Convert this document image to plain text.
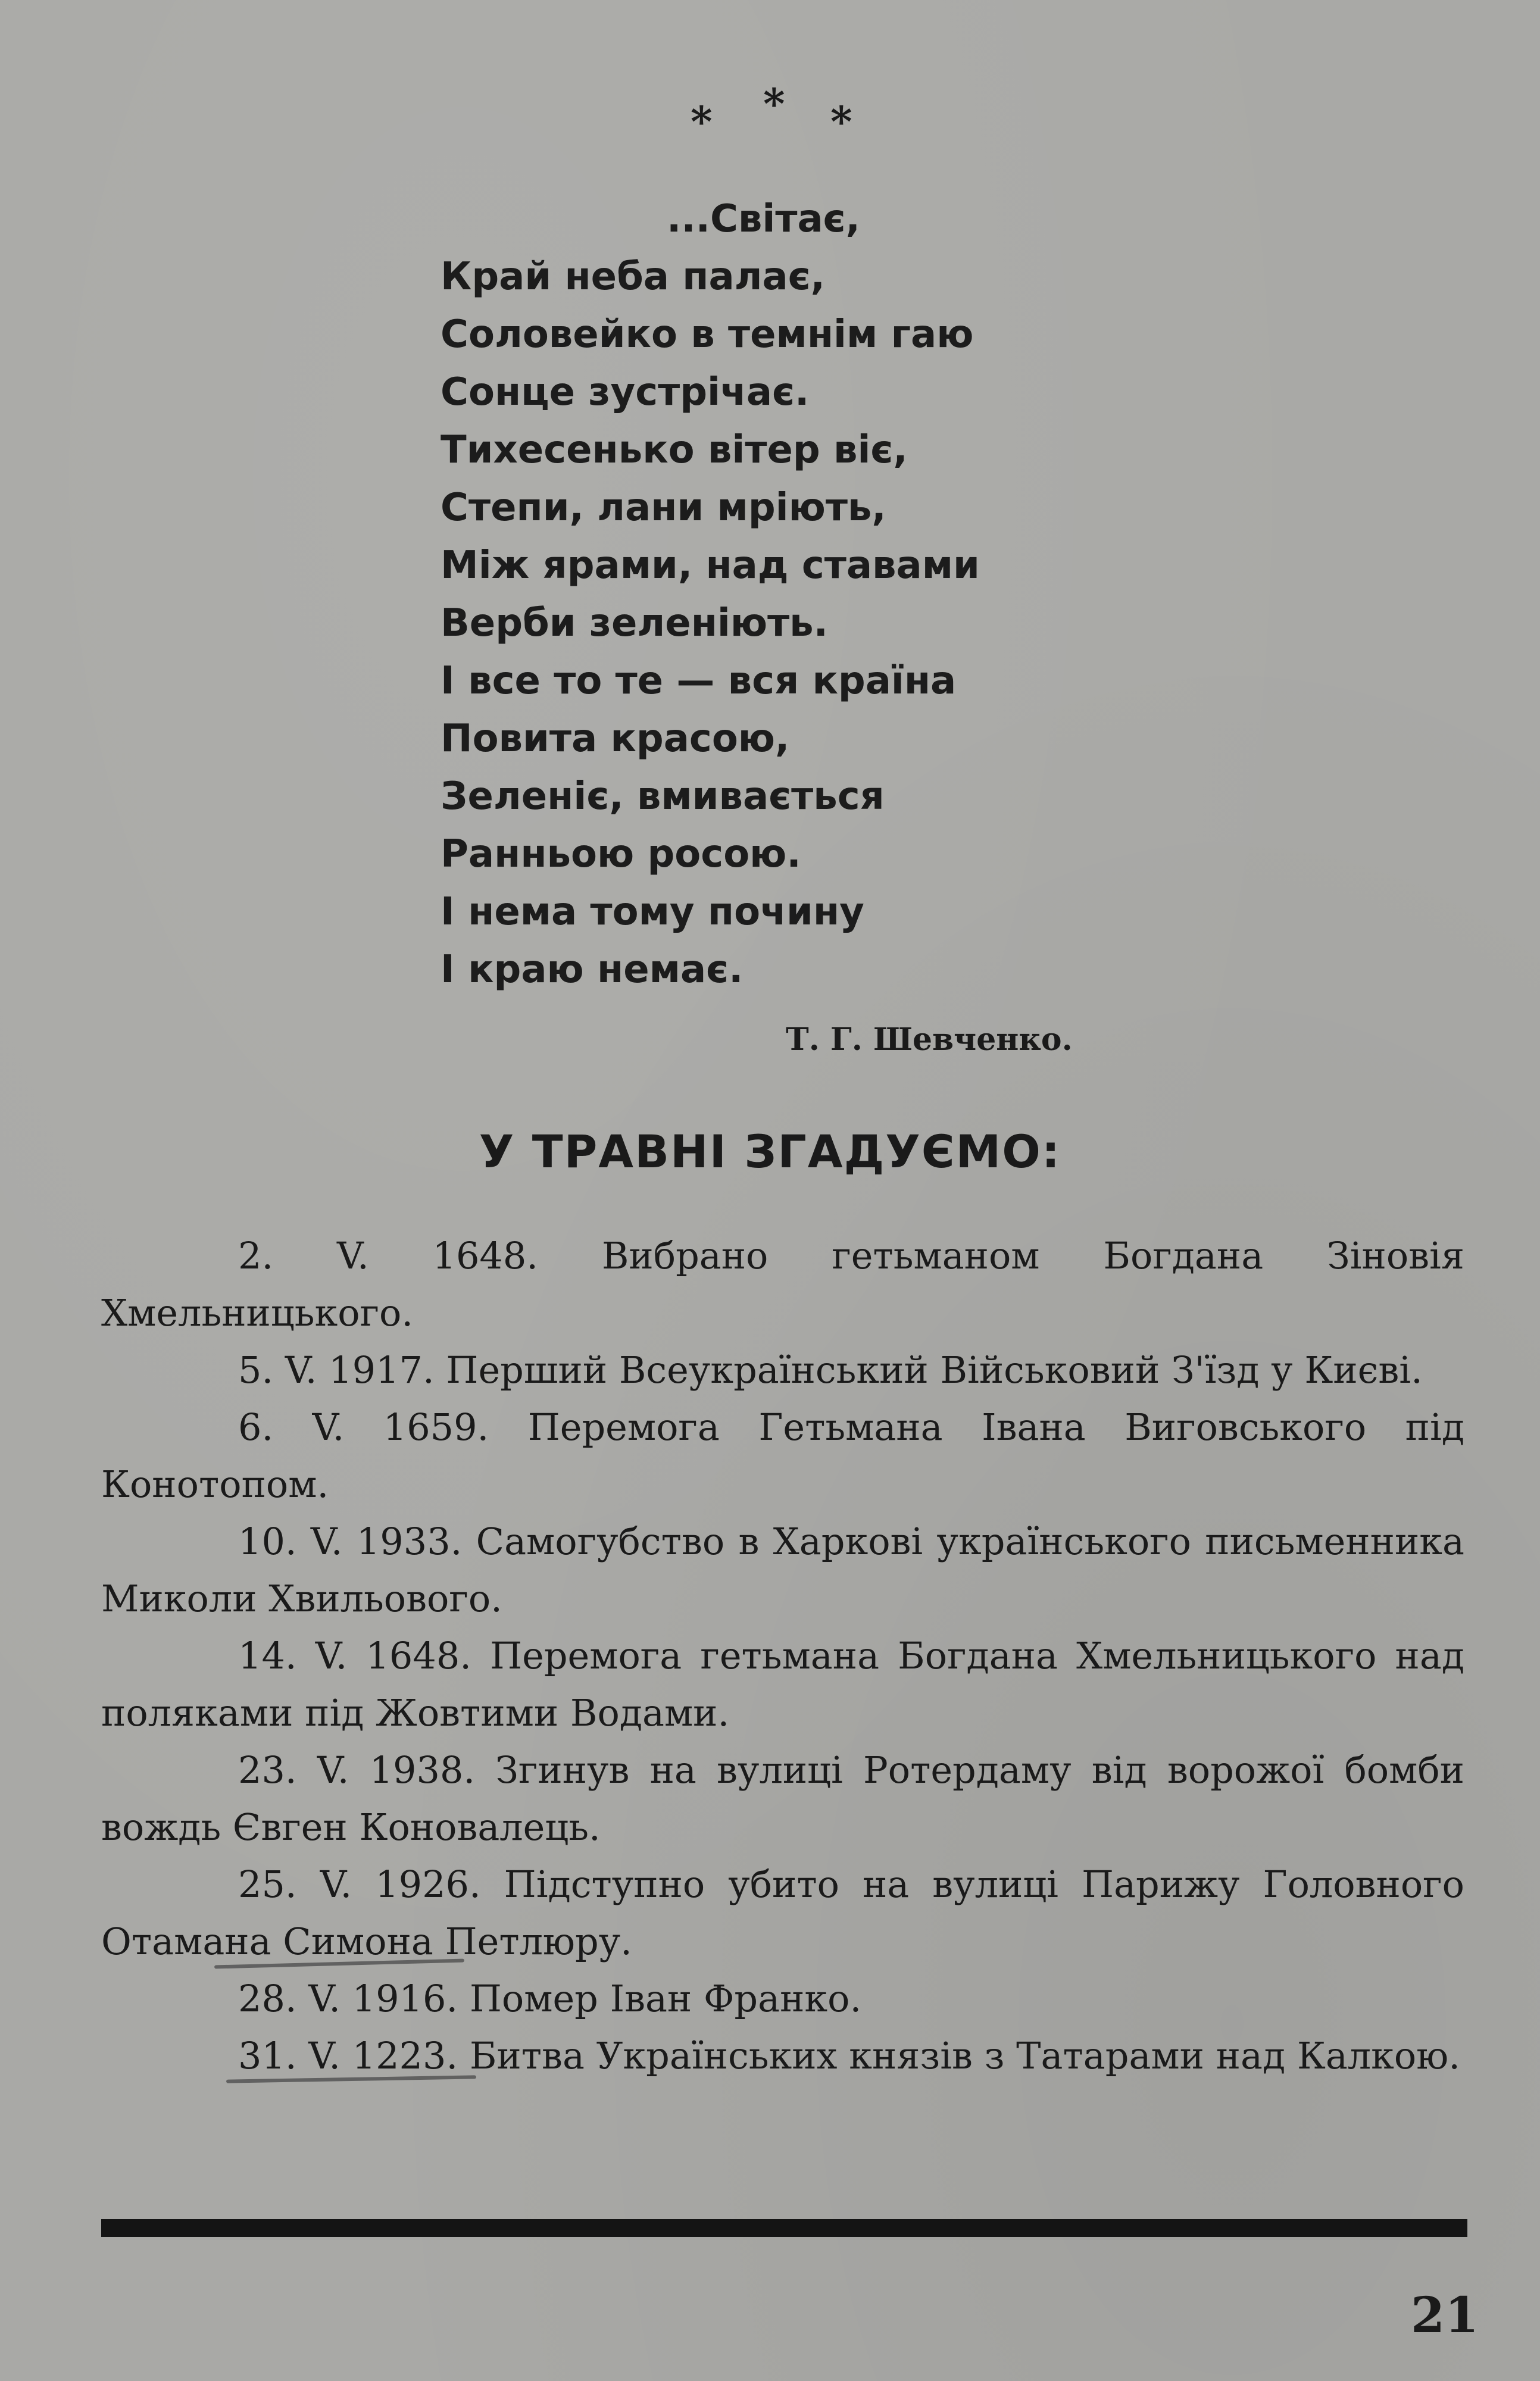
* * *
...Світає,
Край неба палає,
Соловейко в темнім гаю
Сонце зустрічає.
Тихесенько вітер віє,
Степи, лани мріють,
Між ярами, над ставами
Верби зеленіють.
І все то те — вся країна
Повита красою,
Зеленіє, вмивається
Ранньою росою.
І нема тому почину
І краю немає.
Т. Г. Шевченко.
У ТРАВНІ ЗГАДУЄМО:

2. V. 1648. Вибрано гетьманом Богдана Зіновія Хмельницького.

5. V. 1917. Перший Всеукраїнський Військовий З'їзд у Києві.

6. V. 1659. Перемога Гетьмана Івана Виговського під Конотопом.

10. V. 1933. Самогубство в Харкові українського письменника Миколи Хвильового.

14. V. 1648. Перемога гетьмана Богдана Хмельницького над поляками під Жовтими Водами.

23. V. 1938. Згинув на вулиці Ротердаму від ворожої бомби вождь Євген Коновалець.

25. V. 1926. Підступно убито на вулиці Парижу Головного Отамана Симона Петлюру.

28. V. 1916. Помер Іван Франко.

31. V. 1223. Битва Українських князів з Татарами над Калкою.

21
